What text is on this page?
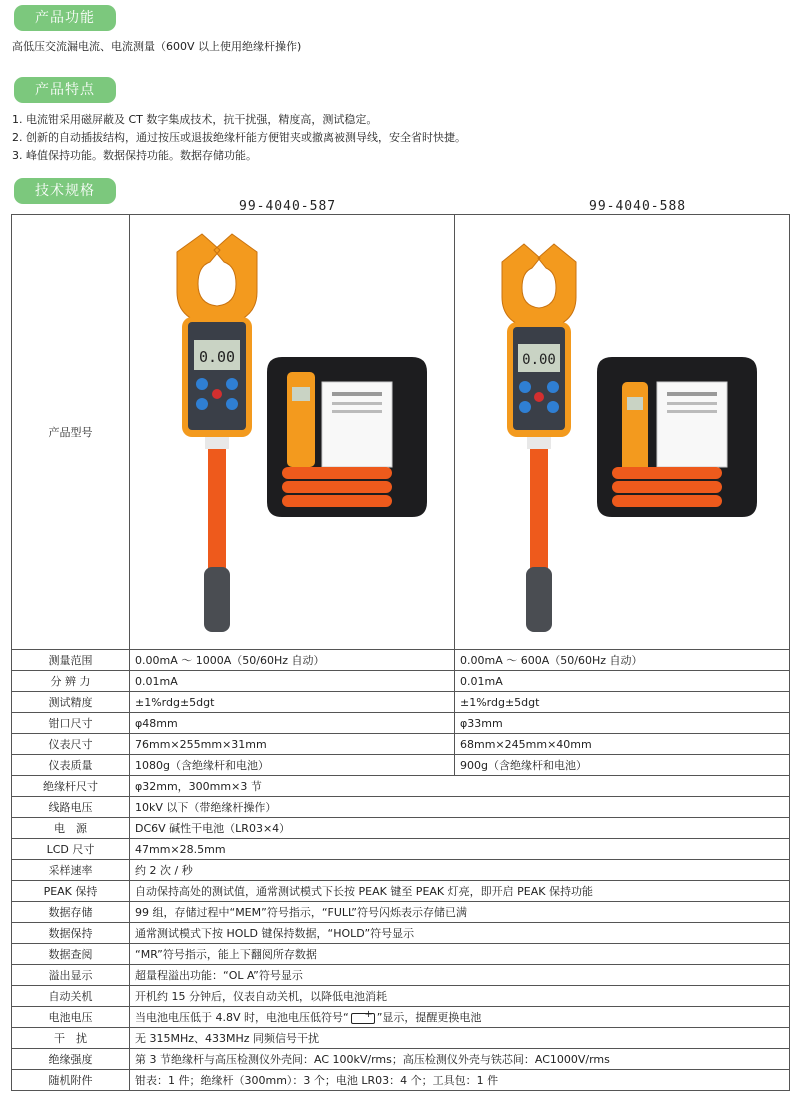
产品功能
高低压交流漏电流、电流测量（600V 以上使用绝缘杆操作)
产品特点
1. 电流钳采用磁屏蔽及 CT 数字集成技术，抗干扰强，精度高，测试稳定。
2. 创新的自动插拔结构，通过按压或退拔绝缘杆能方便钳夹或撤离被测导线，安全省时快捷。
3. 峰值保持功能。数据保持功能。数据存储功能。
技术规格
99-4040-587	99-4040-588
产品型号	0.00	0.00

测量范围	0.00mA ～ 1000A（50/60Hz 自动）	0.00mA ～ 600A（50/60Hz 自动）
分 辨 力	0.01mA	0.01mA
测试精度	±1%rdg±5dgt	±1%rdg±5dgt
钳口尺寸	φ48mm	φ33mm
仪表尺寸	76mm×255mm×31mm	68mm×245mm×40mm
仪表质量	1080g（含绝缘杆和电池）	900g（含绝缘杆和电池）
绝缘杆尺寸	φ32mm，300mm×3 节	
线路电压	10kV 以下（带绝缘杆操作）	
电　源	DC6V 碱性干电池（LR03×4）	
LCD 尺寸	47mm×28.5mm	
采样速率	约 2 次 / 秒	
PEAK 保持	自动保持高处的测试值，通常测试模式下长按 PEAK 键至 PEAK 灯亮，即开启 PEAK 保持功能	
数据存储	99 组，存储过程中“MEM”符号指示，“FULL”符号闪烁表示存储已满	
数据保持	通常测试模式下按 HOLD 键保持数据，“HOLD”符号显示	
数据查阅	“MR”符号指示，能上下翻阅所存数据	
溢出显示	超量程溢出功能：“OL A”符号显示	
自动关机	开机约 15 分钟后，仪表自动关机，以降低电池消耗	
电池电压	当电池电压低于 4.8V 时，电池电压低符号“ + ”显示，提醒更换电池
干　扰	无 315MHz、433MHz 同频信号干扰	
绝缘强度	第 3 节绝缘杆与高压检测仪外壳间：AC 100kV/rms；高压检测仪外壳与铁芯间：AC1000V/rms	
随机附件	钳表：1 件；绝缘杆（300mm）：3 个；电池 LR03：4 个；工具包：1 件	
